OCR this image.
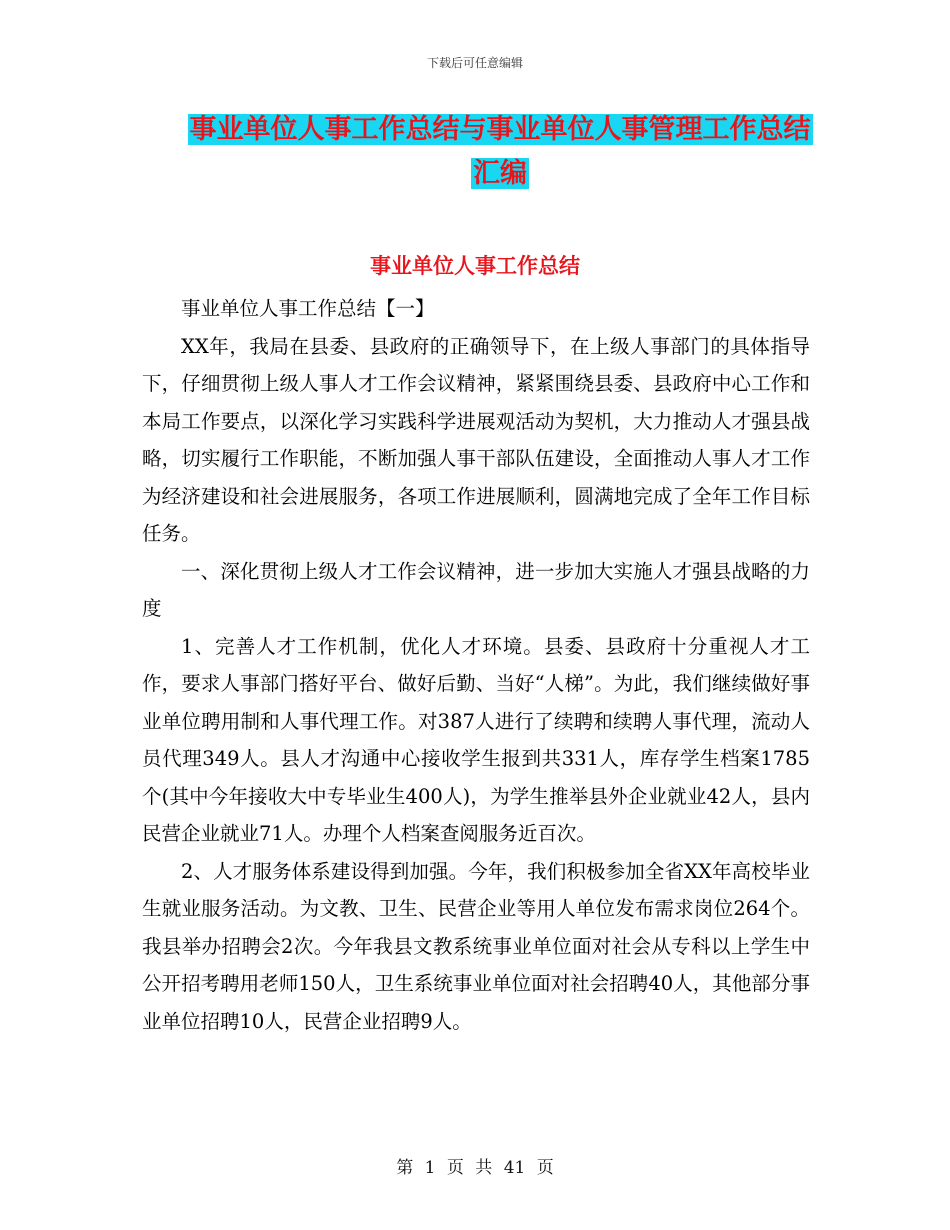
下载后可任意编辑
事业单位人事工作总结与事业单位人事管理工作总结
汇编
事业单位人事工作总结

事业单位人事工作总结【一】

XX年，我局在县委、县政府的正确领导下，在上级人事部门的具体指导下，仔细贯彻上级人事人才工作会议精神，紧紧围绕县委、县政府中心工作和本局工作要点，以深化学习实践科学进展观活动为契机，大力推动人才强县战略，切实履行工作职能，不断加强人事干部队伍建设，全面推动人事人才工作为经济建设和社会进展服务，各项工作进展顺利，圆满地完成了全年工作目标任务。

一、深化贯彻上级人才工作会议精神，进一步加大实施人才强县战略的力度

1、完善人才工作机制，优化人才环境。县委、县政府十分重视人才工作，要求人事部门搭好平台、做好后勤、当好“人梯”。为此，我们继续做好事业单位聘用制和人事代理工作。对387人进行了续聘和续聘人事代理，流动人员代理349人。县人才沟通中心接收学生报到共331人，库存学生档案1785个(其中今年接收大中专毕业生400人)，为学生推举县外企业就业42人，县内民营企业就业71人。办理个人档案查阅服务近百次。

2、人才服务体系建设得到加强。今年，我们积极参加全省XX年高校毕业生就业服务活动。为文教、卫生、民营企业等用人单位发布需求岗位264个。我县举办招聘会2次。今年我县文教系统事业单位面对社会从专科以上学生中公开招考聘用老师150人，卫生系统事业单位面对社会招聘40人，其他部分事业单位招聘10人，民营企业招聘9人。

第 1 页 共 41 页
